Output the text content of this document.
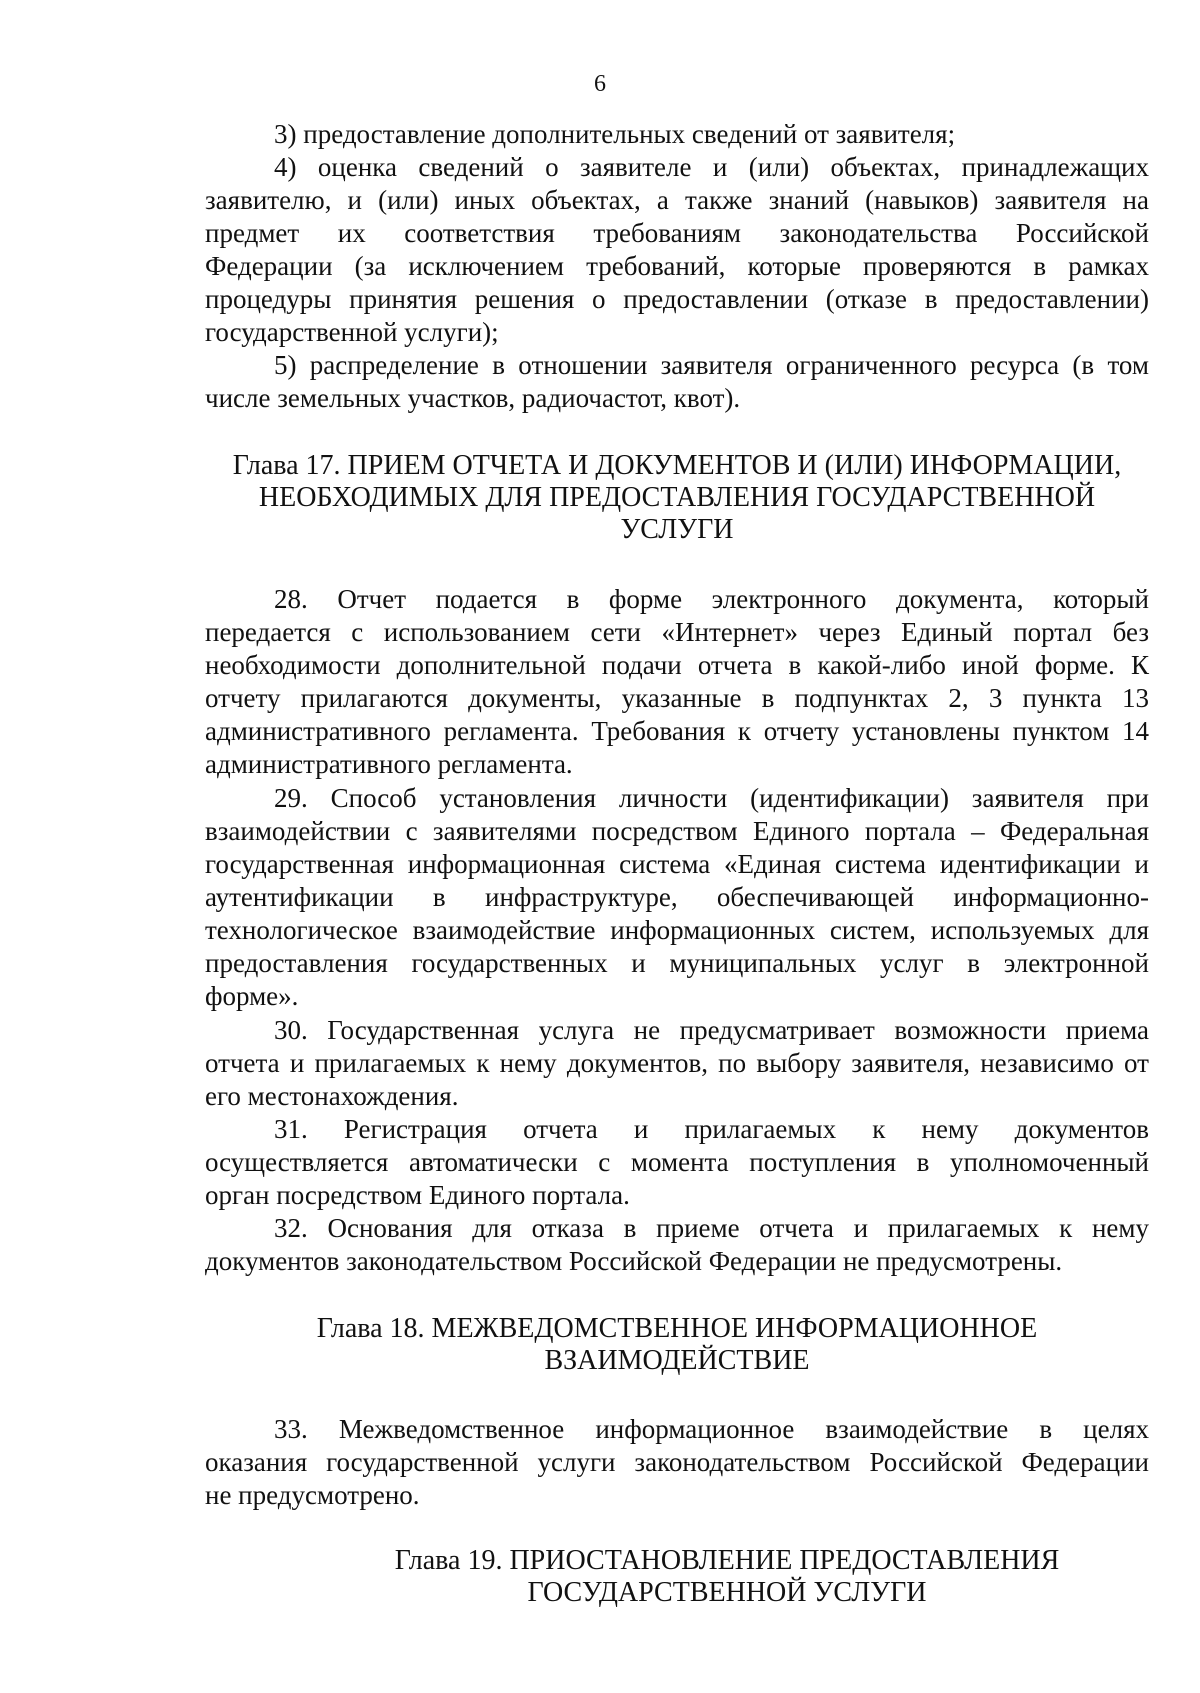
6
3) предоставление дополнительных сведений от заявителя;
4) оценка сведений о заявителе и (или) объектах, принадлежащих
заявителю, и (или) иных объектах, а также знаний (навыков) заявителя на
предмет их соответствия требованиям законодательства Российской
Федерации (за исключением требований, которые проверяются в рамках
процедуры принятия решения о предоставлении (отказе в предоставлении)
государственной услуги);
5) распределение в отношении заявителя ограниченного ресурса (в том
числе земельных участков, радиочастот, квот).
Глава 17. ПРИЕМ ОТЧЕТА И ДОКУМЕНТОВ И (ИЛИ) ИНФОРМАЦИИ,
НЕОБХОДИМЫХ ДЛЯ ПРЕДОСТАВЛЕНИЯ ГОСУДАРСТВЕННОЙ
УСЛУГИ
28. Отчет подается в форме электронного документа, который
передается с использованием сети «Интернет» через Единый портал без
необходимости дополнительной подачи отчета в какой-либо иной форме. К
отчету прилагаются документы, указанные в подпунктах 2, 3 пункта 13
административного регламента. Требования к отчету установлены пунктом 14
административного регламента.
29. Способ установления личности (идентификации) заявителя при
взаимодействии с заявителями посредством Единого портала – Федеральная
государственная информационная система «Единая система идентификации и
аутентификации в инфраструктуре, обеспечивающей информационно-
технологическое взаимодействие информационных систем, используемых для
предоставления государственных и муниципальных услуг в электронной
форме».
30. Государственная услуга не предусматривает возможности приема
отчета и прилагаемых к нему документов, по выбору заявителя, независимо от
его местонахождения.
31. Регистрация отчета и прилагаемых к нему документов
осуществляется автоматически с момента поступления в уполномоченный
орган посредством Единого портала.
32. Основания для отказа в приеме отчета и прилагаемых к нему
документов законодательством Российской Федерации не предусмотрены.
Глава 18. МЕЖВЕДОМСТВЕННОЕ ИНФОРМАЦИОННОЕ
ВЗАИМОДЕЙСТВИЕ
33. Межведомственное информационное взаимодействие в целях
оказания государственной услуги законодательством Российской Федерации
не предусмотрено.
Глава 19. ПРИОСТАНОВЛЕНИЕ ПРЕДОСТАВЛЕНИЯ
ГОСУДАРСТВЕННОЙ УСЛУГИ
